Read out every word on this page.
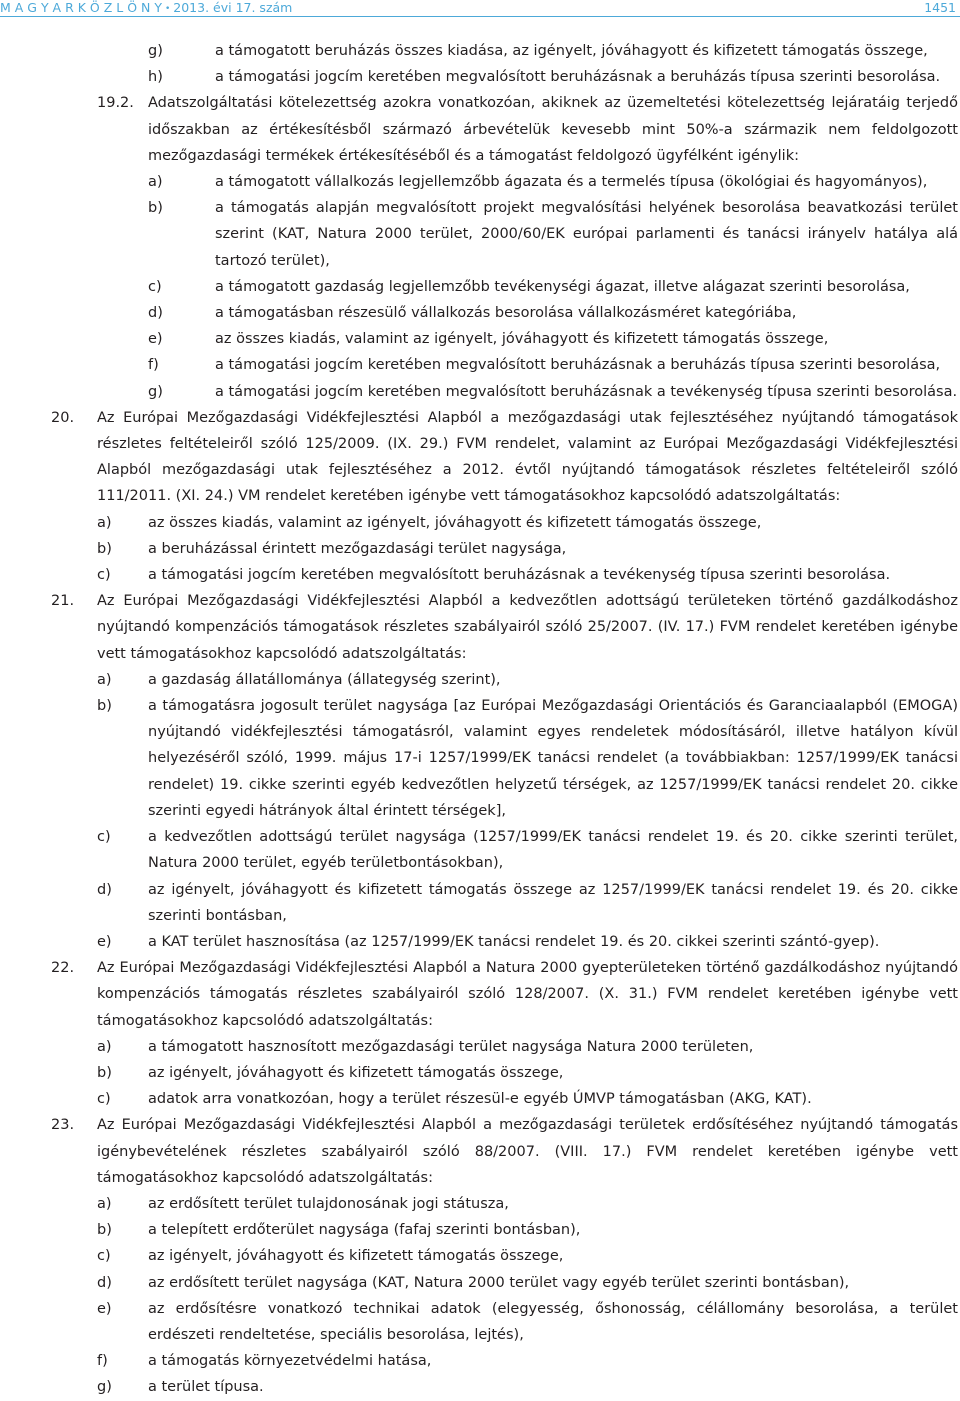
M A G Y A R K Ö Z L Ö N Y • 2013. évi 17. szám	1451
g)	a támogatott beruházás összes kiadása, az igényelt, jóváhagyott és kifizetett támogatás összege,
h)	a támogatási jogcím keretében megvalósított beruházásnak a beruházás típusa szerinti besorolása.
19.2. Adatszolgáltatási kötelezettség azokra vonatkozóan, akiknek az üzemeltetési kötelezettség lejáratáig terjedő időszakban az értékesítésből származó árbevételük kevesebb mint 50%-a származik nem feldolgozott mezőgazdasági termékek értékesítéséből és a támogatást feldolgozó ügyfélként igénylik:
a)	a támogatott vállalkozás legjellemzőbb ágazata és a termelés típusa (ökológiai és hagyományos),
b)	a támogatás alapján megvalósított projekt megvalósítási helyének besorolása beavatkozási terület szerint (KAT, Natura 2000 terület, 2000/60/EK európai parlamenti és tanácsi irányelv hatálya alá tartozó terület),
c)	a támogatott gazdaság legjellemzőbb tevékenységi ágazat, illetve alágazat szerinti besorolása,
d)	a támogatásban részesülő vállalkozás besorolása vállalkozásméret kategóriába,
e)	az összes kiadás, valamint az igényelt, jóváhagyott és kifizetett támogatás összege,
f)	a támogatási jogcím keretében megvalósított beruházásnak a beruházás típusa szerinti besorolása,
g)	a támogatási jogcím keretében megvalósított beruházásnak a tevékenység típusa szerinti besorolása.
20. Az Európai Mezőgazdasági Vidékfejlesztési Alapból a mezőgazdasági utak fejlesztéséhez nyújtandó támogatások részletes feltételeiről szóló 125/2009. (IX. 29.) FVM rendelet, valamint az Európai Mezőgazdasági Vidékfejlesztési Alapból mezőgazdasági utak fejlesztéséhez a 2012. évtől nyújtandó támogatások részletes feltételeiről szóló 111/2011. (XI. 24.) VM rendelet keretében igénybe vett támogatásokhoz kapcsolódó adatszolgáltatás:
a)	az összes kiadás, valamint az igényelt, jóváhagyott és kifizetett támogatás összege,
b) a beruházással érintett mezőgazdasági terület nagysága,
c)	a támogatási jogcím keretében megvalósított beruházásnak a tevékenység típusa szerinti besorolása.
21. Az Európai Mezőgazdasági Vidékfejlesztési Alapból a kedvezőtlen adottságú területeken történő gazdálkodáshoz nyújtandó kompenzációs támogatások részletes szabályairól szóló 25/2007. (IV. 17.) FVM rendelet keretében igénybe vett támogatásokhoz kapcsolódó adatszolgáltatás:
a)	a gazdaság állatállománya (állategység szerint),
b) a támogatásra jogosult terület nagysága [az Európai Mezőgazdasági Orientációs és Garanciaalapból (EMOGA) nyújtandó vidékfejlesztési támogatásról, valamint egyes rendeletek módosításáról, illetve hatályon kívül helyezéséről szóló, 1999. május 17-i 1257/1999/EK tanácsi rendelet (a továbbiakban: 1257/1999/EK tanácsi rendelet) 19. cikke szerinti egyéb kedvezőtlen helyzetű térségek, az 1257/1999/EK tanácsi rendelet 20. cikke szerinti egyedi hátrányok által érintett térségek],
c)	a kedvezőtlen adottságú terület nagysága (1257/1999/EK tanácsi rendelet 19. és 20. cikke szerinti terület, Natura 2000 terület, egyéb területbontásokban),
d) az igényelt, jóváhagyott és kifizetett támogatás összege az 1257/1999/EK tanácsi rendelet 19. és 20. cikke szerinti bontásban,
e)	a KAT terület hasznosítása (az 1257/1999/EK tanácsi rendelet 19. és 20. cikkei szerinti szántó-gyep).
22. Az Európai Mezőgazdasági Vidékfejlesztési Alapból a Natura 2000 gyepterületeken történő gazdálkodáshoz nyújtandó kompenzációs támogatás részletes szabályairól szóló 128/2007. (X. 31.) FVM rendelet keretében igénybe vett támogatásokhoz kapcsolódó adatszolgáltatás:
a)	a támogatott hasznosított mezőgazdasági terület nagysága Natura 2000 területen,
b) az igényelt, jóváhagyott és kifizetett támogatás összege,
c)	adatok arra vonatkozóan, hogy a terület részesül-e egyéb ÚMVP támogatásban (AKG, KAT).
23. Az Európai Mezőgazdasági Vidékfejlesztési Alapból a mezőgazdasági területek erdősítéséhez nyújtandó támogatás igénybevételének részletes szabályairól szóló 88/2007. (VIII. 17.) FVM rendelet keretében igénybe vett támogatásokhoz kapcsolódó adatszolgáltatás:
a)	az erdősített terület tulajdonosának jogi státusza,
b) a telepített erdőterület nagysága (fafaj szerinti bontásban),
c)	az igényelt, jóváhagyott és kifizetett támogatás összege,
d) az erdősített terület nagysága (KAT, Natura 2000 terület vagy egyéb terület szerinti bontásban),
e)	az erdősítésre vonatkozó technikai adatok (elegyesség, őshonosság, célállomány besorolása, a terület erdészeti rendeltetése, speciális besorolása, lejtés),
f)	a támogatás környezetvédelmi hatása,
g) a terület típusa.
